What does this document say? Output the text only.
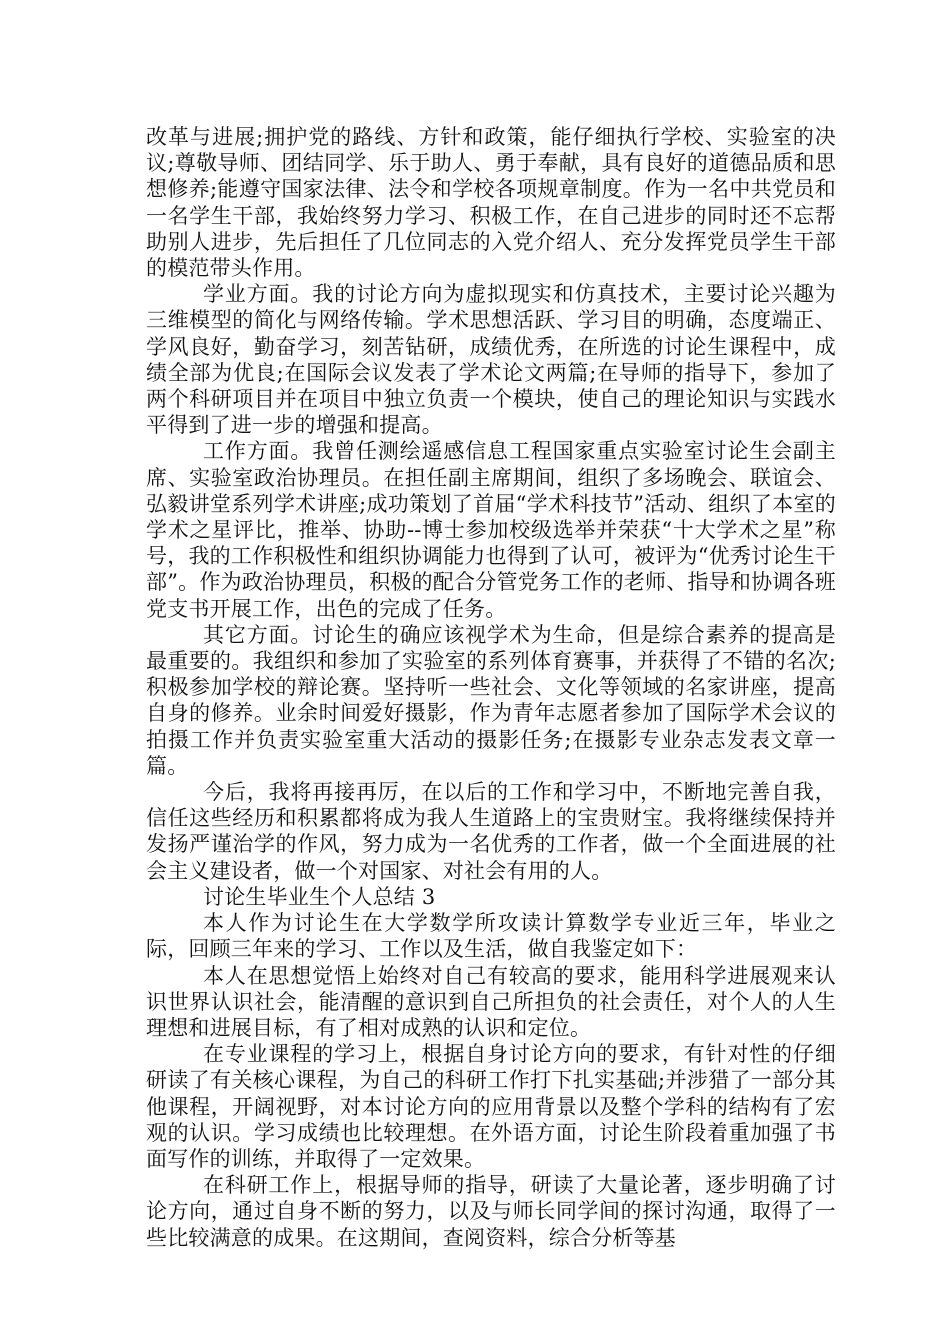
改革与进展;拥护党的路线、方针和政策，能仔细执行学校、实验室的决议;尊敬导师、团结同学、乐于助人、勇于奉献，具有良好的道德品质和思想修养;能遵守国家法律、法令和学校各项规章制度。作为一名中共党员和一名学生干部，我始终努力学习、积极工作，在自己进步的同时还不忘帮助别人进步，先后担任了几位同志的入党介绍人、充分发挥党员学生干部的模范带头作用。

学业方面。我的讨论方向为虚拟现实和仿真技术，主要讨论兴趣为三维模型的简化与网络传输。学术思想活跃、学习目的明确，态度端正、学风良好，勤奋学习，刻苦钻研，成绩优秀，在所选的讨论生课程中，成绩全部为优良;在国际会议发表了学术论文两篇;在导师的指导下，参加了两个科研项目并在项目中独立负责一个模块，使自己的理论知识与实践水平得到了进一步的增强和提高。

工作方面。我曾任测绘遥感信息工程国家重点实验室讨论生会副主席、实验室政治协理员。在担任副主席期间，组织了多场晚会、联谊会、弘毅讲堂系列学术讲座;成功策划了首届“学术科技节”活动、组织了本室的学术之星评比，推举、协助--博士参加校级选举并荣获“十大学术之星”称号，我的工作积极性和组织协调能力也得到了认可，被评为“优秀讨论生干部”。作为政治协理员，积极的配合分管党务工作的老师、指导和协调各班党支书开展工作，出色的完成了任务。

其它方面。讨论生的确应该视学术为生命，但是综合素养的提高是最重要的。我组织和参加了实验室的系列体育赛事，并获得了不错的名次;积极参加学校的辩论赛。坚持听一些社会、文化等领域的名家讲座，提高自身的修养。业余时间爱好摄影，作为青年志愿者参加了国际学术会议的拍摄工作并负责实验室重大活动的摄影任务;在摄影专业杂志发表文章一篇。

今后，我将再接再厉，在以后的工作和学习中，不断地完善自我，信任这些经历和积累都将成为我人生道路上的宝贵财宝。我将继续保持并发扬严谨治学的作风，努力成为一名优秀的工作者，做一个全面进展的社会主义建设者，做一个对国家、对社会有用的人。

讨论生毕业生个人总结 3

本人作为讨论生在大学数学所攻读计算数学专业近三年，毕业之际，回顾三年来的学习、工作以及生活，做自我鉴定如下：

本人在思想觉悟上始终对自己有较高的要求，能用科学进展观来认识世界认识社会，能清醒的意识到自己所担负的社会责任，对个人的人生理想和进展目标，有了相对成熟的认识和定位。

在专业课程的学习上，根据自身讨论方向的要求，有针对性的仔细研读了有关核心课程，为自己的科研工作打下扎实基础;并涉猎了一部分其他课程，开阔视野，对本讨论方向的应用背景以及整个学科的结构有了宏观的认识。学习成绩也比较理想。在外语方面，讨论生阶段着重加强了书面写作的训练，并取得了一定效果。

在科研工作上，根据导师的指导，研读了大量论著，逐步明确了讨论方向，通过自身不断的努力，以及与师长同学间的探讨沟通，取得了一些比较满意的成果。在这期间，查阅资料，综合分析等基
